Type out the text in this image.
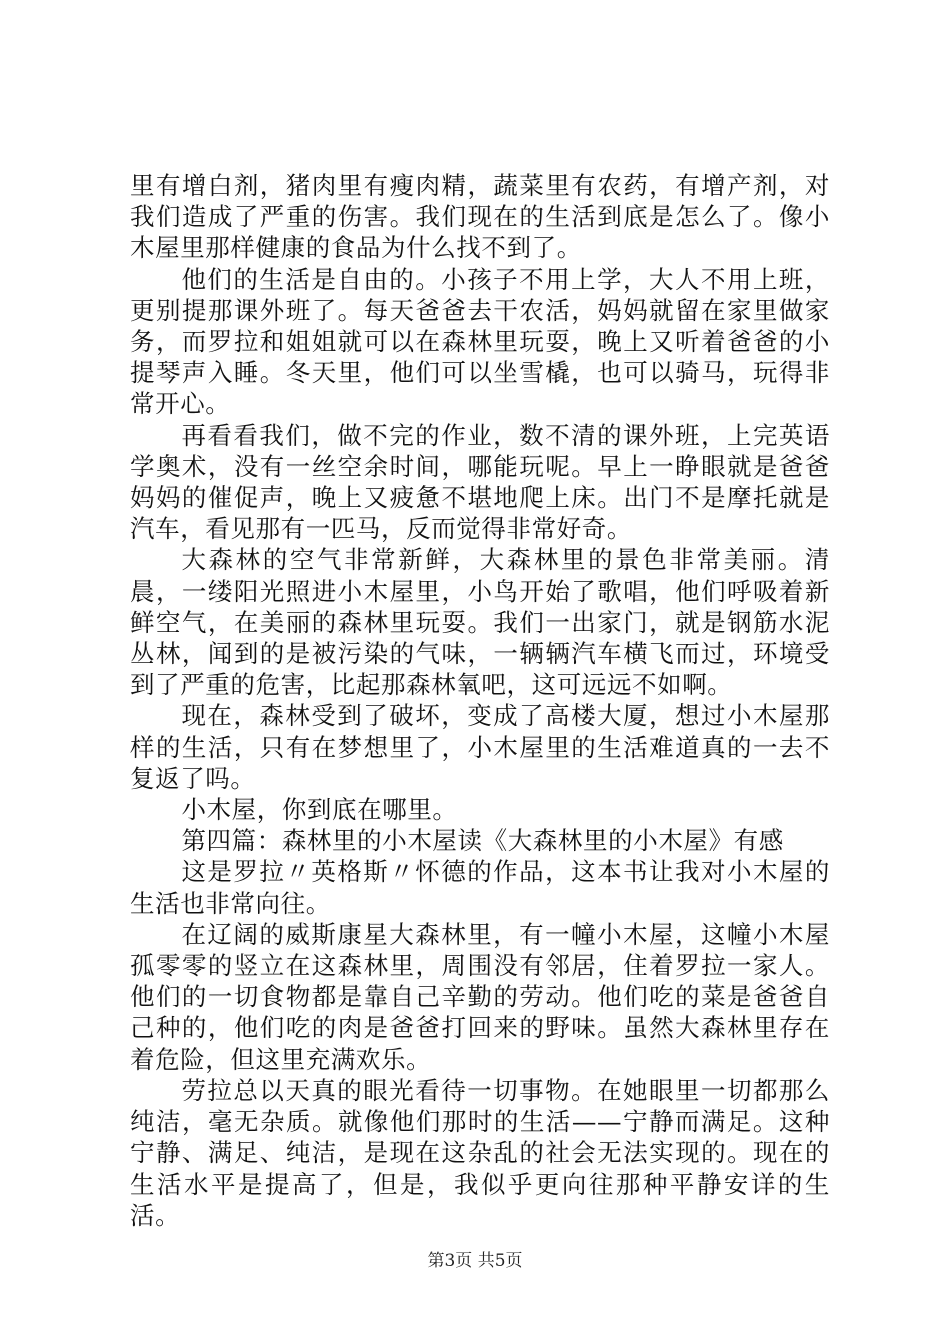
里有增白剂，猪肉里有瘦肉精，蔬菜里有农药，有增产剂，对我们造成了严重的伤害。我们现在的生活到底是怎么了。像小木屋里那样健康的食品为什么找不到了。

他们的生活是自由的。小孩子不用上学，大人不用上班，更别提那课外班了。每天爸爸去干农活，妈妈就留在家里做家务，而罗拉和姐姐就可以在森林里玩耍，晚上又听着爸爸的小提琴声入睡。冬天里，他们可以坐雪橇，也可以骑马，玩得非常开心。

再看看我们，做不完的作业，数不清的课外班，上完英语学奥术，没有一丝空余时间，哪能玩呢。早上一睁眼就是爸爸妈妈的催促声，晚上又疲惫不堪地爬上床。出门不是摩托就是汽车，看见那有一匹马，反而觉得非常好奇。

大森林的空气非常新鲜，大森林里的景色非常美丽。清晨，一缕阳光照进小木屋里，小鸟开始了歌唱，他们呼吸着新鲜空气，在美丽的森林里玩耍。我们一出家门，就是钢筋水泥丛林，闻到的是被污染的气味，一辆辆汽车横飞而过，环境受到了严重的危害，比起那森林氧吧，这可远远不如啊。

现在，森林受到了破坏，变成了高楼大厦，想过小木屋那样的生活，只有在梦想里了，小木屋里的生活难道真的一去不复返了吗。

小木屋，你到底在哪里。

第四篇：森林里的小木屋读《大森林里的小木屋》有感

这是罗拉〃英格斯〃怀德的作品，这本书让我对小木屋的生活也非常向往。

在辽阔的威斯康星大森林里，有一幢小木屋，这幢小木屋孤零零的竖立在这森林里，周围没有邻居，住着罗拉一家人。他们的一切食物都是靠自己辛勤的劳动。他们吃的菜是爸爸自己种的，他们吃的肉是爸爸打回来的野味。虽然大森林里存在着危险，但这里充满欢乐。

劳拉总以天真的眼光看待一切事物。在她眼里一切都那么纯洁，毫无杂质。就像他们那时的生活——宁静而满足。这种宁静、满足、纯洁，是现在这杂乱的社会无法实现的。现在的生活水平是提高了，但是，我似乎更向往那种平静安详的生活。

第3页 共5页
